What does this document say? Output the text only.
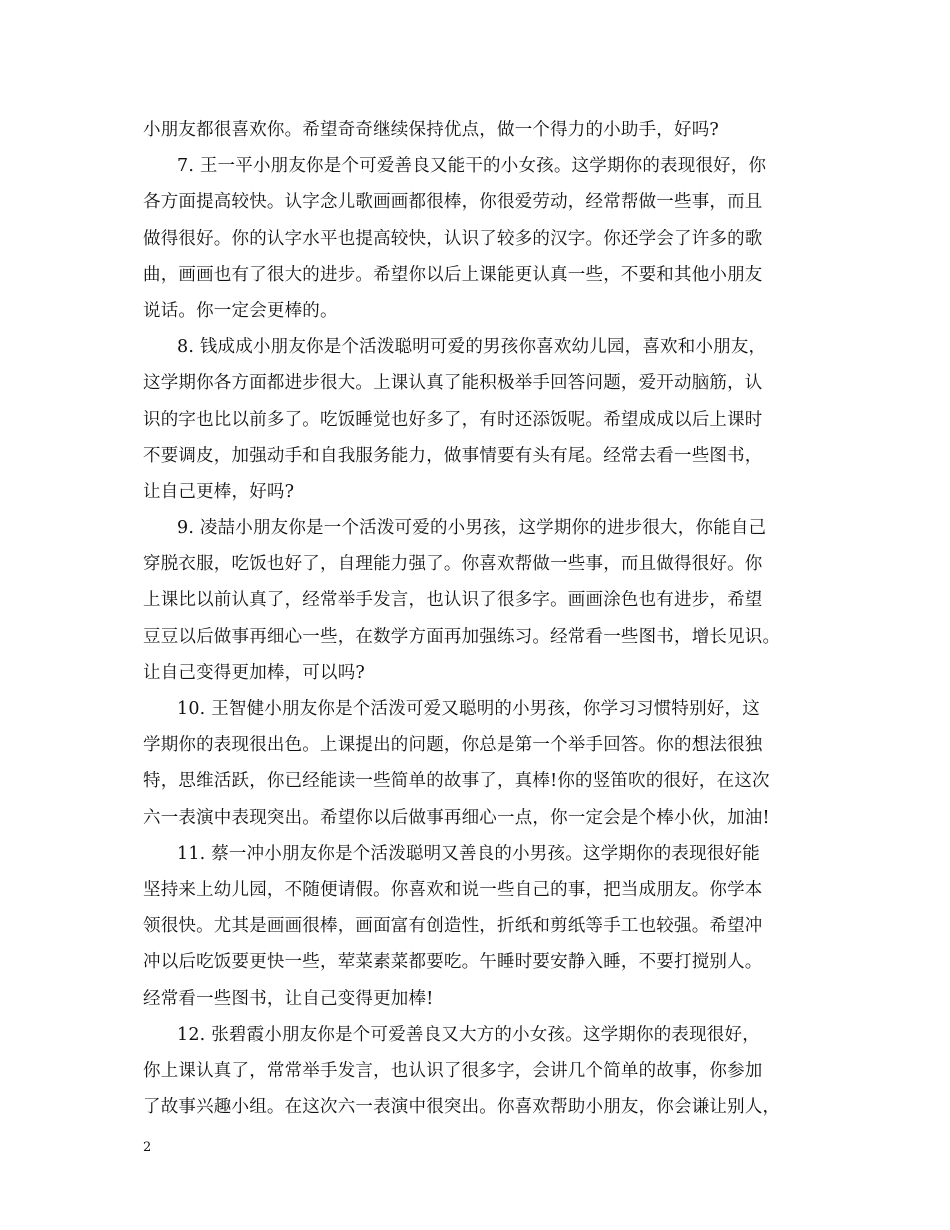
小朋友都很喜欢你。希望奇奇继续保持优点，做一个得力的小助手，好吗?
7. 王一平小朋友你是个可爱善良又能干的小女孩。这学期你的表现很好，你
各方面提高较快。认字念儿歌画画都很棒，你很爱劳动，经常帮做一些事，而且
做得很好。你的认字水平也提高较快，认识了较多的汉字。你还学会了许多的歌
曲，画画也有了很大的进步。希望你以后上课能更认真一些，不要和其他小朋友
说话。你一定会更棒的。
8. 钱成成小朋友你是个活泼聪明可爱的男孩你喜欢幼儿园，喜欢和小朋友，
这学期你各方面都进步很大。上课认真了能积极举手回答问题，爱开动脑筋，认
识的字也比以前多了。吃饭睡觉也好多了，有时还添饭呢。希望成成以后上课时
不要调皮，加强动手和自我服务能力，做事情要有头有尾。经常去看一些图书，
让自己更棒，好吗?
9. 凌喆小朋友你是一个活泼可爱的小男孩，这学期你的进步很大，你能自己
穿脱衣服，吃饭也好了，自理能力强了。你喜欢帮做一些事，而且做得很好。你
上课比以前认真了，经常举手发言，也认识了很多字。画画涂色也有进步，希望
豆豆以后做事再细心一些，在数学方面再加强练习。经常看一些图书，增长见识。
让自己变得更加棒，可以吗?
10. 王智健小朋友你是个活泼可爱又聪明的小男孩，你学习习惯特别好，这
学期你的表现很出色。上课提出的问题，你总是第一个举手回答。你的想法很独
特，思维活跃，你已经能读一些简单的故事了，真棒!你的竖笛吹的很好，在这次
六一表演中表现突出。希望你以后做事再细心一点，你一定会是个棒小伙，加油!
11. 蔡一冲小朋友你是个活泼聪明又善良的小男孩。这学期你的表现很好能
坚持来上幼儿园，不随便请假。你喜欢和说一些自己的事，把当成朋友。你学本
领很快。尤其是画画很棒，画面富有创造性，折纸和剪纸等手工也较强。希望冲
冲以后吃饭要更快一些，荤菜素菜都要吃。午睡时要安静入睡，不要打搅别人。
经常看一些图书，让自己变得更加棒!
12. 张碧霞小朋友你是个可爱善良又大方的小女孩。这学期你的表现很好，
你上课认真了，常常举手发言，也认识了很多字，会讲几个简单的故事，你参加
了故事兴趣小组。在这次六一表演中很突出。你喜欢帮助小朋友，你会谦让别人，
2
